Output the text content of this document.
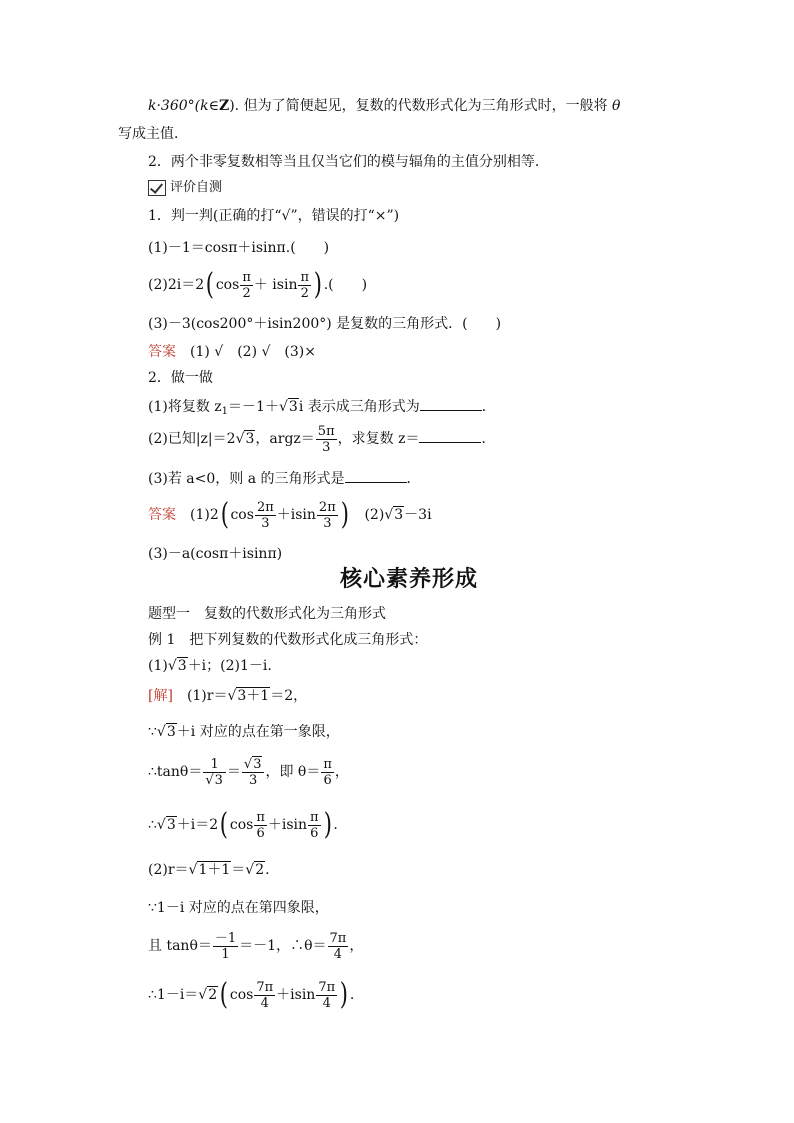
k·360°(k∈Z). 但为了简便起见，复数的代数形式化为三角形式时，一般将 θ
写成主值．
2．两个非零复数相等当且仅当它们的模与辐角的主值分别相等．
评价自测
1．判一判(正确的打“√”，错误的打“×”)
(1)－1＝cosπ＋isinπ.(　　)
(2)2i＝2( $\cos \frac{\pi}{2} + isin \frac{\pi}{2}$ ) .(　　)
(3)－3(cos200°＋isin200°) 是复数的三角形式．(　　)
答案　 (1) √　(2) √　(3)×
2．做一做
(1)将复数 $z_1=-1+√3i$ 表示成三角形式为	．
(2)已知|z|＝2√3，argz＝ $\frac{5\pi}{3}$ ，求复数 z＝	．
(3)若 a<0，则 a 的三角形式是	．
答案　 (1)2( $\cos \frac{2\pi}{3} +isin \frac{2\pi}{3}$ )　 (2)√3－3i
(3)－a(cosπ＋isinπ)
核心素养形成
题型一　复数的代数形式化为三角形式
例 1　把下列复数的代数形式化成三角形式：
(1)√3＋i；(2)1－i.
[解]　 (1)r＝√3＋1＝2，
∵√3＋i 对应的点在第一象限，
∴tanθ＝ $\frac{1}{√3} = \frac{√3}{3}$ ，即 $\theta= \frac{\pi}{6}$ ，
∴√3＋i＝2( $\cos \frac{\pi}{6} +isin \frac{\pi}{6}$ ) .
(2)r＝√1＋1＝√2.
∵1－i 对应的点在第四象限，
且 $\tan\theta= \frac{-1}{1} =-1$，∴θ＝ $\frac{7\pi}{4}$ ，
∴1－i＝√2( $\cos \frac{7\pi}{4} +isin \frac{7\pi}{4}$ ) .
